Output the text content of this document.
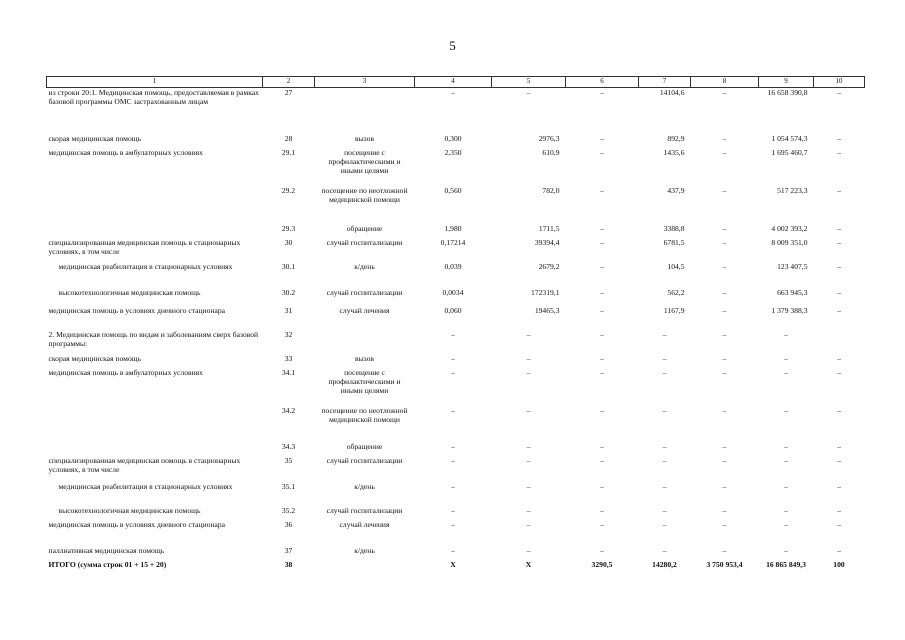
5
1	2	3	4	5	6	7	8	9	10
из строки 20:1. Медицинская помощь, предоставляемая в рамках базовой программы ОМС застрахованным лицам	27		–	–	–	14104,6	–	16 658 390,8	–
скорая медицинская помощь	28	вызов	0,300	2976,3	–	892,9	–	1 054 574,3	–
медицинская помощь в амбулаторных условиях	29.1	посещение с профилактическими и иными целями	2,350	610,9	–	1435,6	–	1 695 460,7	–
	29.2	посещение по неотложной медицинской помощи	0,560	782,0	–	437,9	–	517 223,3	–
	29.3	обращение	1,980	1711,5	–	3388,8	–	4 002 393,2	–
специализированная медицинская помощь в стационарных условиях, в том числе	30	случай госпитализации	0,17214	39394,4	–	6781,5	–	8 009 351,0	–
медицинская реабилитация в стационарных условиях	30.1	к/день	0,039	2679,2	–	104,5	–	123 407,5	–
высокотехнологичная медицинская помощь	30.2	случай госпитализации	0,0034	172319,1	–	562,2	–	663 945,3	–
медицинская помощь в условиях дневного стационара	31	случай лечения	0,060	19465,3	–	1167,9	–	1 379 388,3	–
2. Медицинская помощь по видам и заболеваниям сверх базовой программы:	32		–	–	–	–	–	–	
скорая медицинская помощь	33	вызов	–	–	–	–	–	–	–
медицинская помощь в амбулаторных условиях	34.1	посещение с профилактическими и иными целями	–	–	–	–	–	–	–
	34.2	посещение по неотложной медицинской помощи	–	–	–	–	–	–	–
	34.3	обращение	–	–	–	–	–	–	–
специализированная медицинская помощь в стационарных условиях, в том числе	35	случай госпитализации	–	–	–	–	–	–	–
медицинская реабилитация в стационарных условиях	35.1	к/день	–	–	–	–	–	–	–
высокотехнологичная медицинская помощь	35.2	случай госпитализации	–	–	–	–	–	–	–
медицинская помощь в условиях дневного стационара	36	случай лечения	–	–	–	–	–	–	–
паллиативная медицинская помощь	37	к/день	–	–	–	–	–	–	–
ИТОГО (сумма строк 01 + 15 + 20)	38		X	X	3290,5	14280,2	3 750 953,4	16 865 849,3	100
